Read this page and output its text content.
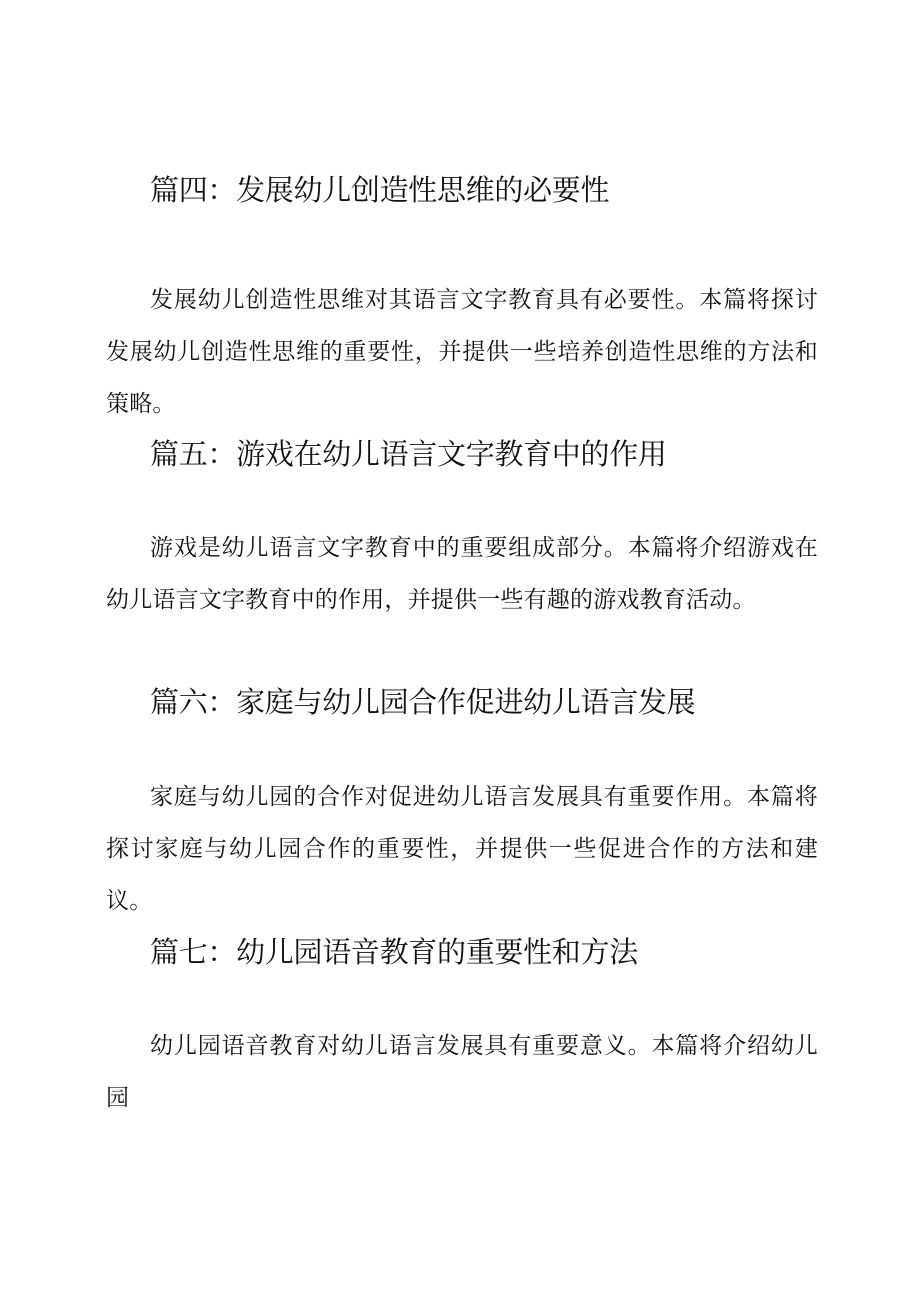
篇四：发展幼儿创造性思维的必要性

发展幼儿创造性思维对其语言文字教育具有必要性。本篇将探讨发展幼儿创造性思维的重要性，并提供一些培养创造性思维的方法和策略。

篇五：游戏在幼儿语言文字教育中的作用

游戏是幼儿语言文字教育中的重要组成部分。本篇将介绍游戏在幼儿语言文字教育中的作用，并提供一些有趣的游戏教育活动。

篇六：家庭与幼儿园合作促进幼儿语言发展

家庭与幼儿园的合作对促进幼儿语言发展具有重要作用。本篇将探讨家庭与幼儿园合作的重要性，并提供一些促进合作的方法和建议。

篇七：幼儿园语音教育的重要性和方法

幼儿园语音教育对幼儿语言发展具有重要意义。本篇将介绍幼儿园
